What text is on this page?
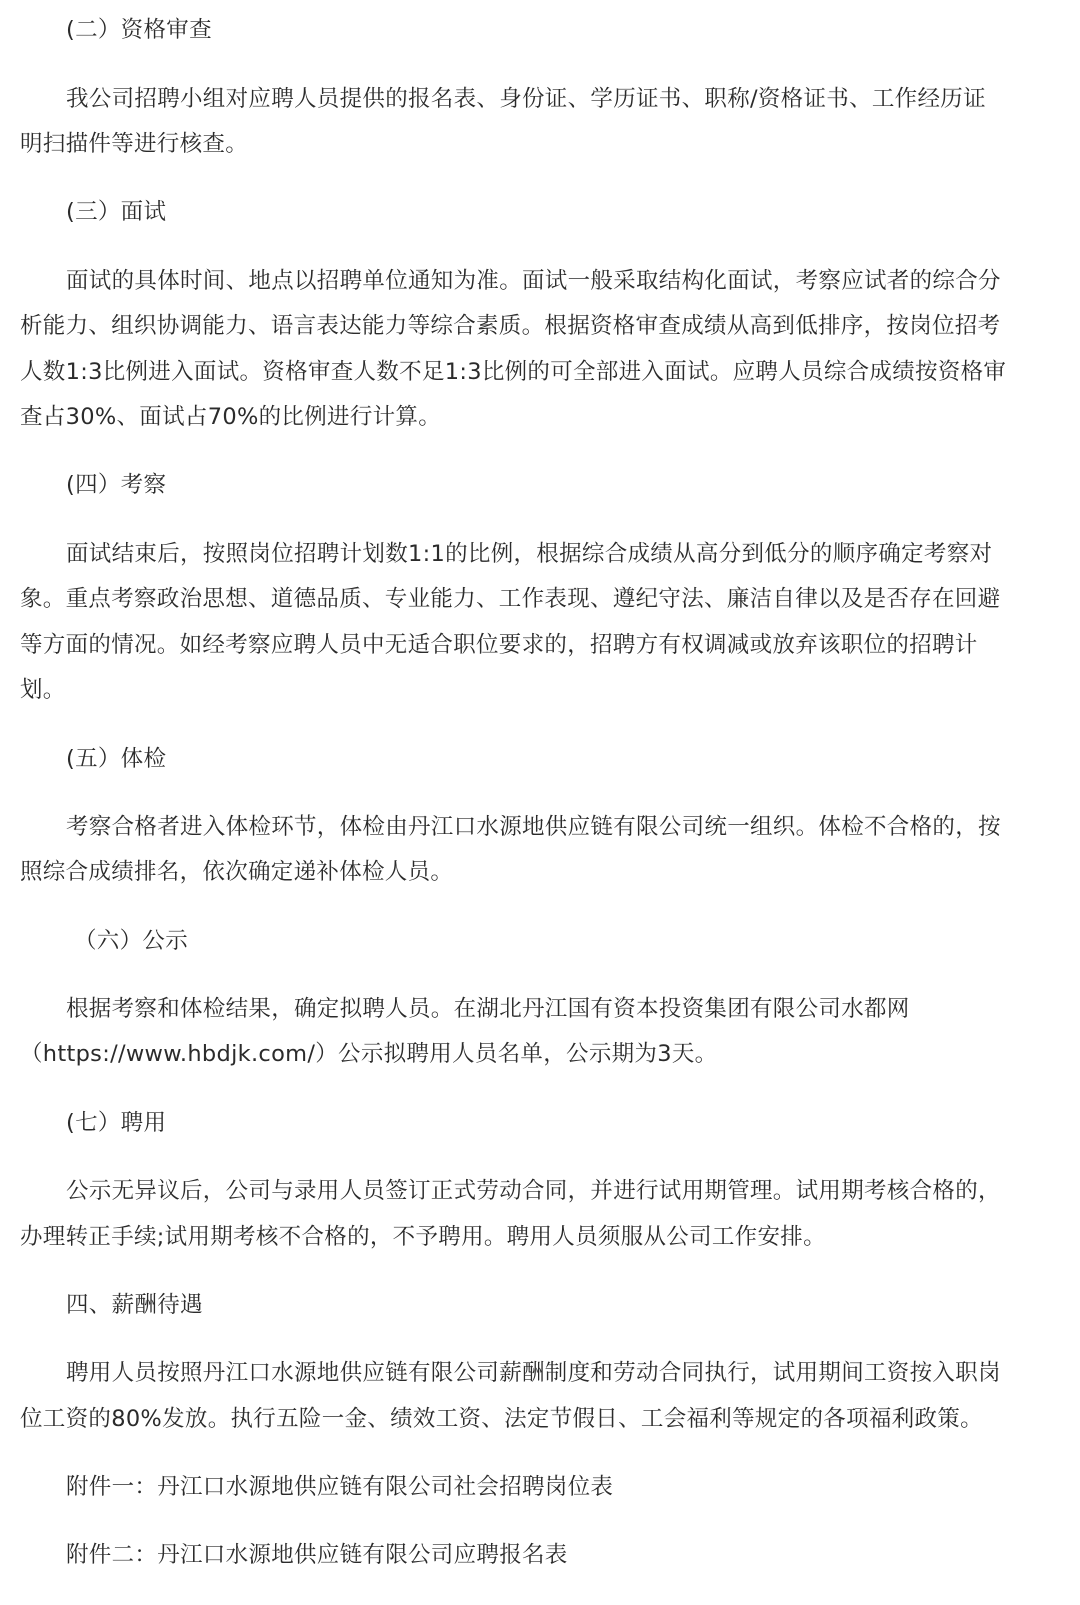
(二）资格审查
我公司招聘小组对应聘人员提供的报名表、身份证、学历证书、职称/资格证书、工作经历证
明扫描件等进行核查。
(三）面试
面试的具体时间、地点以招聘单位通知为准。面试一般采取结构化面试，考察应试者的综合分
析能力、组织协调能力、语言表达能力等综合素质。根据资格审查成绩从高到低排序，按岗位招考
人数1:3比例进入面试。资格审查人数不足1:3比例的可全部进入面试。应聘人员综合成绩按资格审
查占30%、面试占70%的比例进行计算。
(四）考察
面试结束后，按照岗位招聘计划数1:1的比例，根据综合成绩从高分到低分的顺序确定考察对
象。重点考察政治思想、道德品质、专业能力、工作表现、遵纪守法、廉洁自律以及是否存在回避
等方面的情况。如经考察应聘人员中无适合职位要求的，招聘方有权调减或放弃该职位的招聘计
划。
(五）体检
考察合格者进入体检环节，体检由丹江口水源地供应链有限公司统一组织。体检不合格的，按
照综合成绩排名，依次确定递补体检人员。
（六）公示
根据考察和体检结果，确定拟聘人员。在湖北丹江国有资本投资集团有限公司水都网
（https://www.hbdjk.com/）公示拟聘用人员名单，公示期为3天。
(七）聘用
公示无异议后，公司与录用人员签订正式劳动合同，并进行试用期管理。试用期考核合格的，
办理转正手续;试用期考核不合格的，不予聘用。聘用人员须服从公司工作安排。
四、薪酬待遇
聘用人员按照丹江口水源地供应链有限公司薪酬制度和劳动合同执行，试用期间工资按入职岗
位工资的80%发放。执行五险一金、绩效工资、法定节假日、工会福利等规定的各项福利政策。
附件一：丹江口水源地供应链有限公司社会招聘岗位表
附件二：丹江口水源地供应链有限公司应聘报名表
